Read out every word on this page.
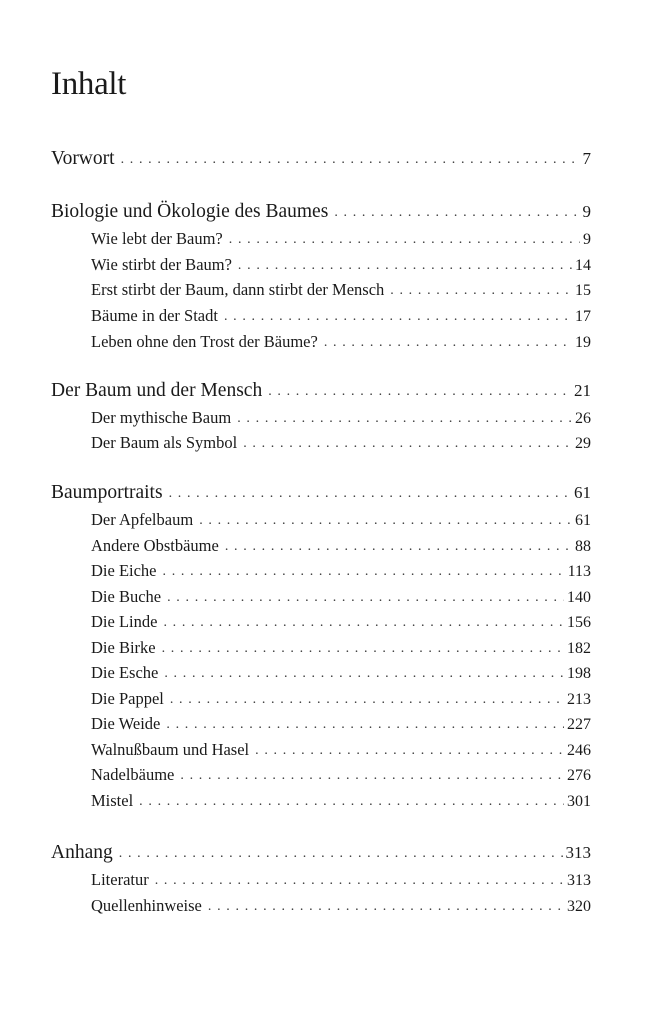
Inhalt
Vorwort . . .	7
Biologie und Ökologie des Baumes . . .	9
Wie lebt der Baum? . . .	9
Wie stirbt der Baum? . . .	14
Erst stirbt der Baum, dann stirbt der Mensch . . .	15
Bäume in der Stadt . . .	17
Leben ohne den Trost der Bäume? . . .	19
Der Baum und der Mensch . . .	21
Der mythische Baum . . .	26
Der Baum als Symbol . . .	29
Baumportraits . . .	61
Der Apfelbaum . . .	61
Andere Obstbäume . . .	88
Die Eiche . . .	113
Die Buche . . .	140
Die Linde . . .	156
Die Birke . . .	182
Die Esche . . .	198
Die Pappel . . .	213
Die Weide . . .	227
Walnußbaum und Hasel . . .	246
Nadelbäume . . .	276
Mistel . . .	301
Anhang . . .	313
Literatur . . .	313
Quellenhinweise . . .	320
